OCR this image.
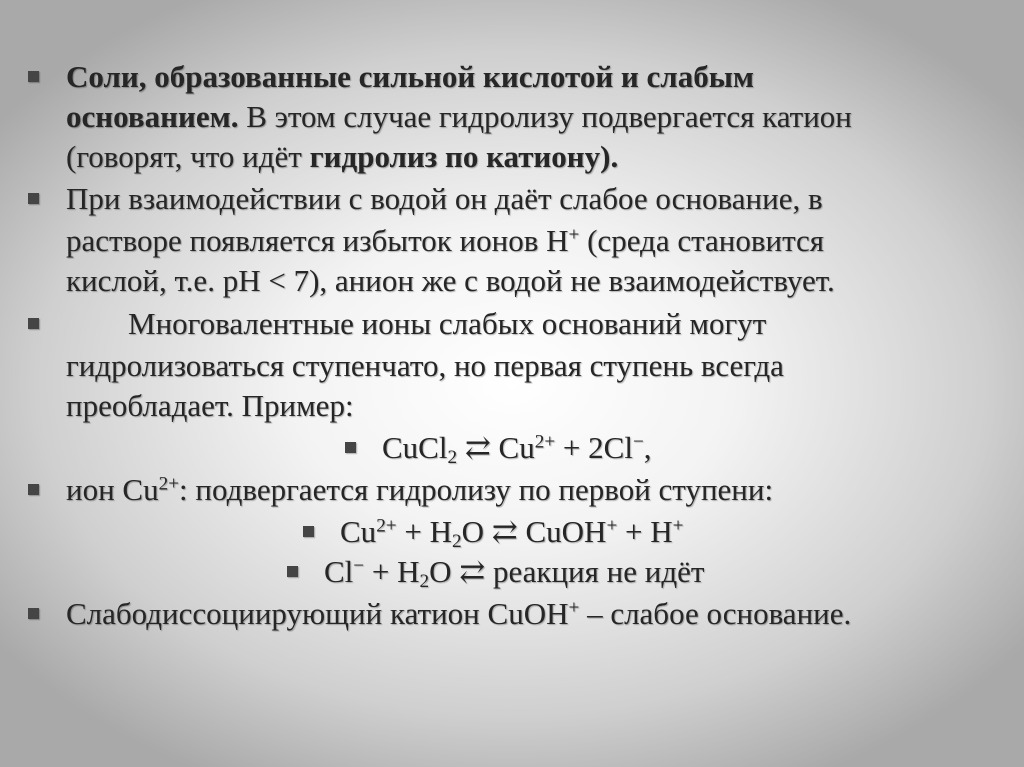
Соли, образованные сильной кислотой и слабым
основанием. В этом случае гидролизу подвергается катион
(говорят, что идёт гидролиз по катиону).
При взаимодействии с водой он даёт слабое основание, в
растворе появляется избыток ионов H+ (среда становится
кислой, т.е. рH < 7), анион же с водой не взаимодействует.
Многовалентные ионы слабых оснований могут
гидролизоваться ступенчато, но первая ступень всегда
преобладает. Пример:
CuCl$_2$ ⇄ $Cu^{2+} + 2Cl^-$,
ион $Cu^{2+}$: подвергается гидролизу по первой ступени:
$Cu^{2+} + H_2O$ ⇄ CuOH+ + H+
$Cl^- + H_2O$ ⇄ реакция не идёт
Слабодиссоциирующий катион CuOH+ – слабое основание.
